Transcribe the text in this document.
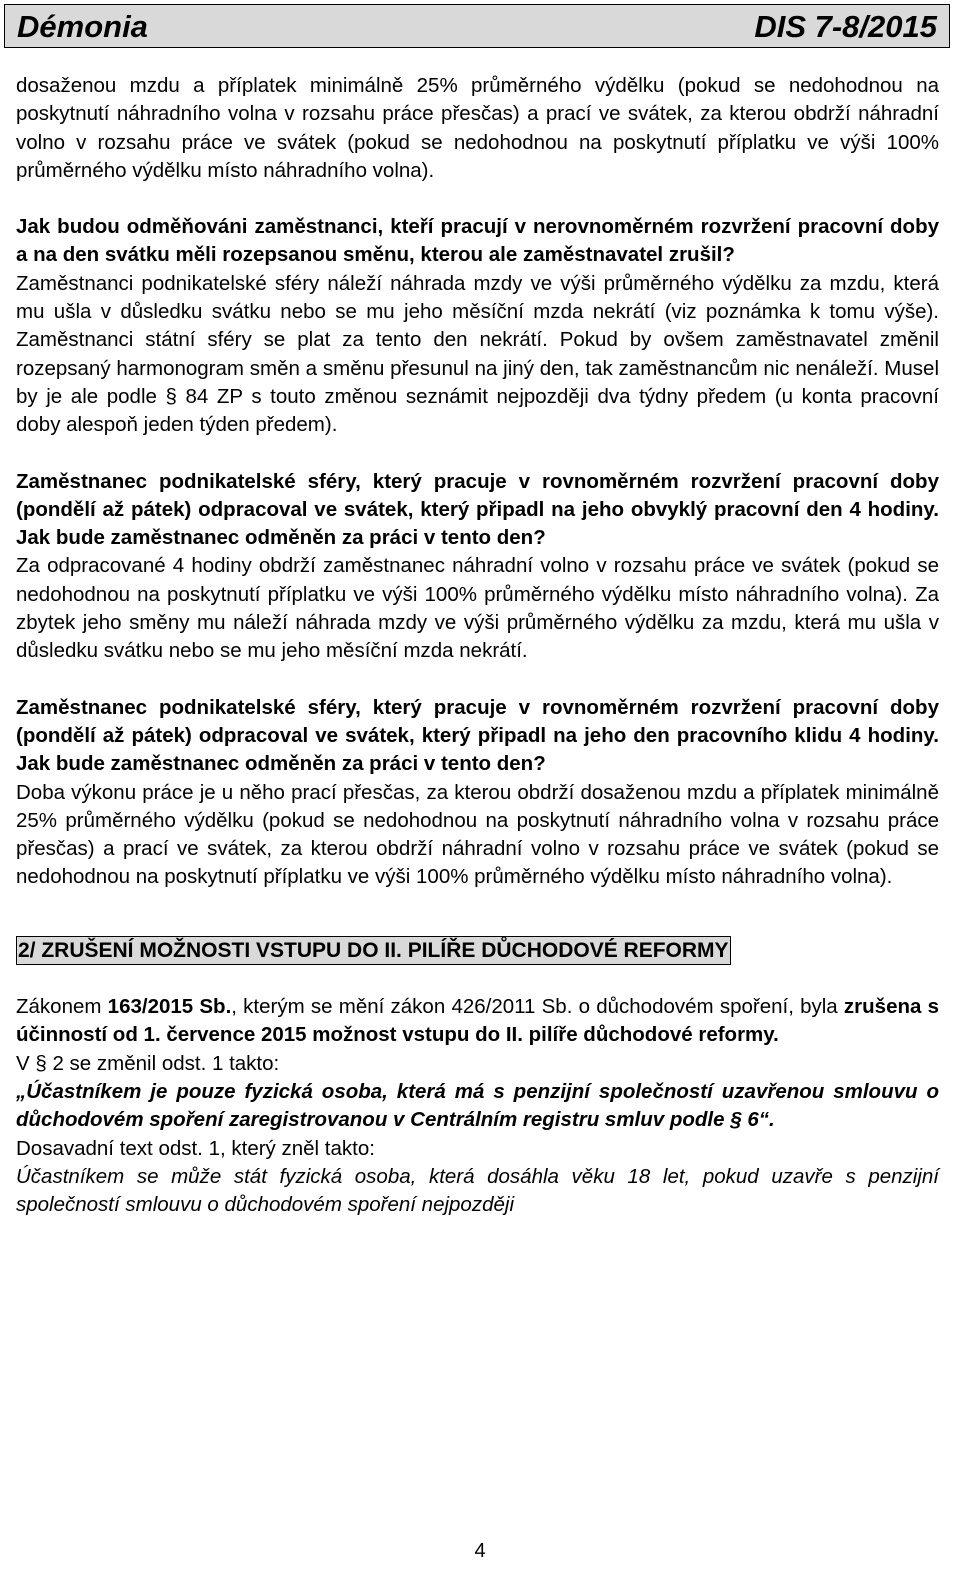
Démonia	DIS 7-8/2015

dosaženou mzdu a příplatek minimálně 25% průměrného výdělku (pokud se nedohodnou na poskytnutí náhradního volna v rozsahu práce přesčas) a prací ve svátek, za kterou obdrží náhradní volno v rozsahu práce ve svátek (pokud se nedohodnou na poskytnutí příplatku ve výši 100% průměrného výdělku místo náhradního volna).

Jak budou odměňováni zaměstnanci, kteří pracují v nerovnoměrném rozvržení pracovní doby a na den svátku měli rozepsanou směnu, kterou ale zaměstnavatel zrušil?

Zaměstnanci podnikatelské sféry náleží náhrada mzdy ve výši průměrného výdělku za mzdu, která mu ušla v důsledku svátku nebo se mu jeho měsíční mzda nekrátí (viz poznámka k tomu výše). Zaměstnanci státní sféry se plat za tento den nekrátí. Pokud by ovšem zaměstnavatel změnil rozepsaný harmonogram směn a směnu přesunul na jiný den, tak zaměstnancům nic nenáleží. Musel by je ale podle § 84 ZP s touto změnou seznámit nejpozději dva týdny předem (u konta pracovní doby alespoň jeden týden předem).

Zaměstnanec podnikatelské sféry, který pracuje v rovnoměrném rozvržení pracovní doby (pondělí až pátek) odpracoval ve svátek, který připadl na jeho obvyklý pracovní den 4 hodiny. Jak bude zaměstnanec odměněn za práci v tento den?

Za odpracované 4 hodiny obdrží zaměstnanec náhradní volno v rozsahu práce ve svátek (pokud se nedohodnou na poskytnutí příplatku ve výši 100% průměrného výdělku místo náhradního volna). Za zbytek jeho směny mu náleží náhrada mzdy ve výši průměrného výdělku za mzdu, která mu ušla v důsledku svátku nebo se mu jeho měsíční mzda nekrátí.

Zaměstnanec podnikatelské sféry, který pracuje v rovnoměrném rozvržení pracovní doby (pondělí až pátek) odpracoval ve svátek, který připadl na jeho den pracovního klidu 4 hodiny. Jak bude zaměstnanec odměněn za práci v tento den?

Doba výkonu práce je u něho prací přesčas, za kterou obdrží dosaženou mzdu a příplatek minimálně 25% průměrného výdělku (pokud se nedohodnou na poskytnutí náhradního volna v rozsahu práce přesčas) a prací ve svátek, za kterou obdrží náhradní volno v rozsahu práce ve svátek (pokud se nedohodnou na poskytnutí příplatku ve výši 100% průměrného výdělku místo náhradního volna).

2/ ZRUŠENÍ MOŽNOSTI VSTUPU DO II. PILÍŘE DŮCHODOVÉ REFORMY

Zákonem 163/2015 Sb., kterým se mění zákon 426/2011 Sb. o důchodovém spoření, byla zrušena s účinností od 1. července 2015 možnost vstupu do II. pilíře důchodové reformy.

V § 2 se změnil odst. 1 takto:

„Účastníkem je pouze fyzická osoba, která má s penzijní společností uzavřenou smlouvu o důchodovém spoření zaregistrovanou v Centrálním registru smluv podle § 6“.

Dosavadní text odst. 1, který zněl takto:

Účastníkem se může stát fyzická osoba, která dosáhla věku 18 let, pokud uzavře s penzijní společností smlouvu o důchodovém spoření nejpozději

4
